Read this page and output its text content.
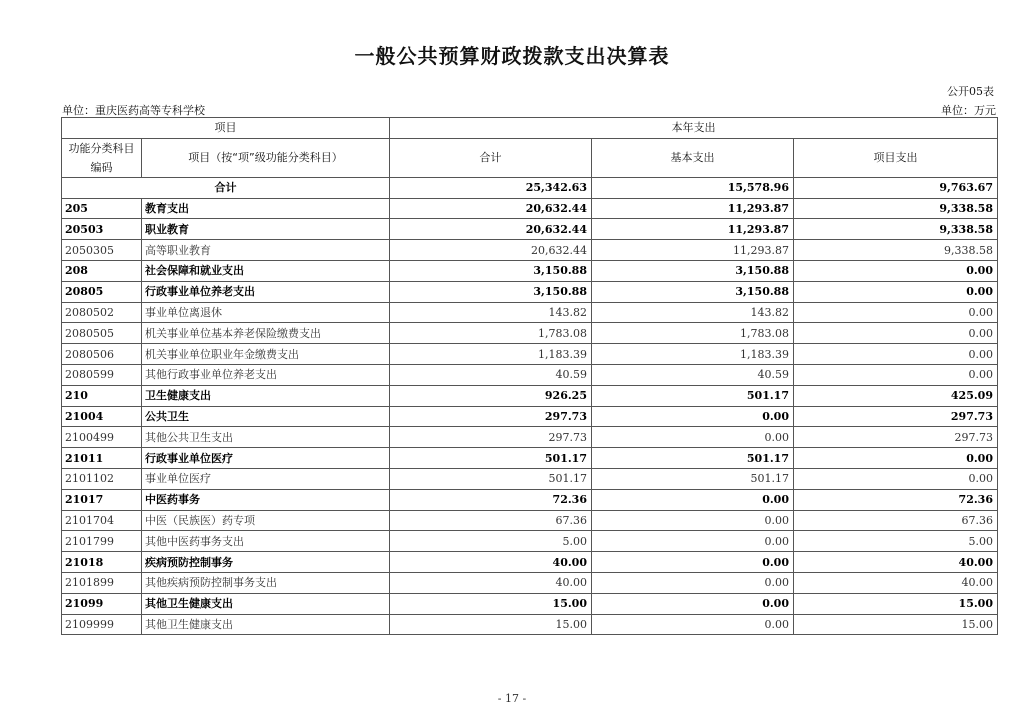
一般公共预算财政拨款支出决算表
公开05表
单位：重庆医药高等专科学校	单位：万元
项目		本年支出		
功能分类科目编码	项目（按“项”级功能分类科目）	合计	基本支出	项目支出
合计		25,342.63	15,578.96	9,763.67
205	教育支出	20,632.44	11,293.87	9,338.58
20503	职业教育	20,632.44	11,293.87	9,338.58
2050305	高等职业教育	20,632.44	11,293.87	9,338.58
208	社会保障和就业支出	3,150.88	3,150.88	0.00
20805	行政事业单位养老支出	3,150.88	3,150.88	0.00
2080502	事业单位离退休	143.82	143.82	0.00
2080505	机关事业单位基本养老保险缴费支出	1,783.08	1,783.08	0.00
2080506	机关事业单位职业年金缴费支出	1,183.39	1,183.39	0.00
2080599	其他行政事业单位养老支出	40.59	40.59	0.00
210	卫生健康支出	926.25	501.17	425.09
21004	公共卫生	297.73	0.00	297.73
2100499	其他公共卫生支出	297.73	0.00	297.73
21011	行政事业单位医疗	501.17	501.17	0.00
2101102	事业单位医疗	501.17	501.17	0.00
21017	中医药事务	72.36	0.00	72.36
2101704	中医（民族医）药专项	67.36	0.00	67.36
2101799	其他中医药事务支出	5.00	0.00	5.00
21018	疾病预防控制事务	40.00	0.00	40.00
2101899	其他疾病预防控制事务支出	40.00	0.00	40.00
21099	其他卫生健康支出	15.00	0.00	15.00
2109999	其他卫生健康支出	15.00	0.00	15.00
- 17 -
